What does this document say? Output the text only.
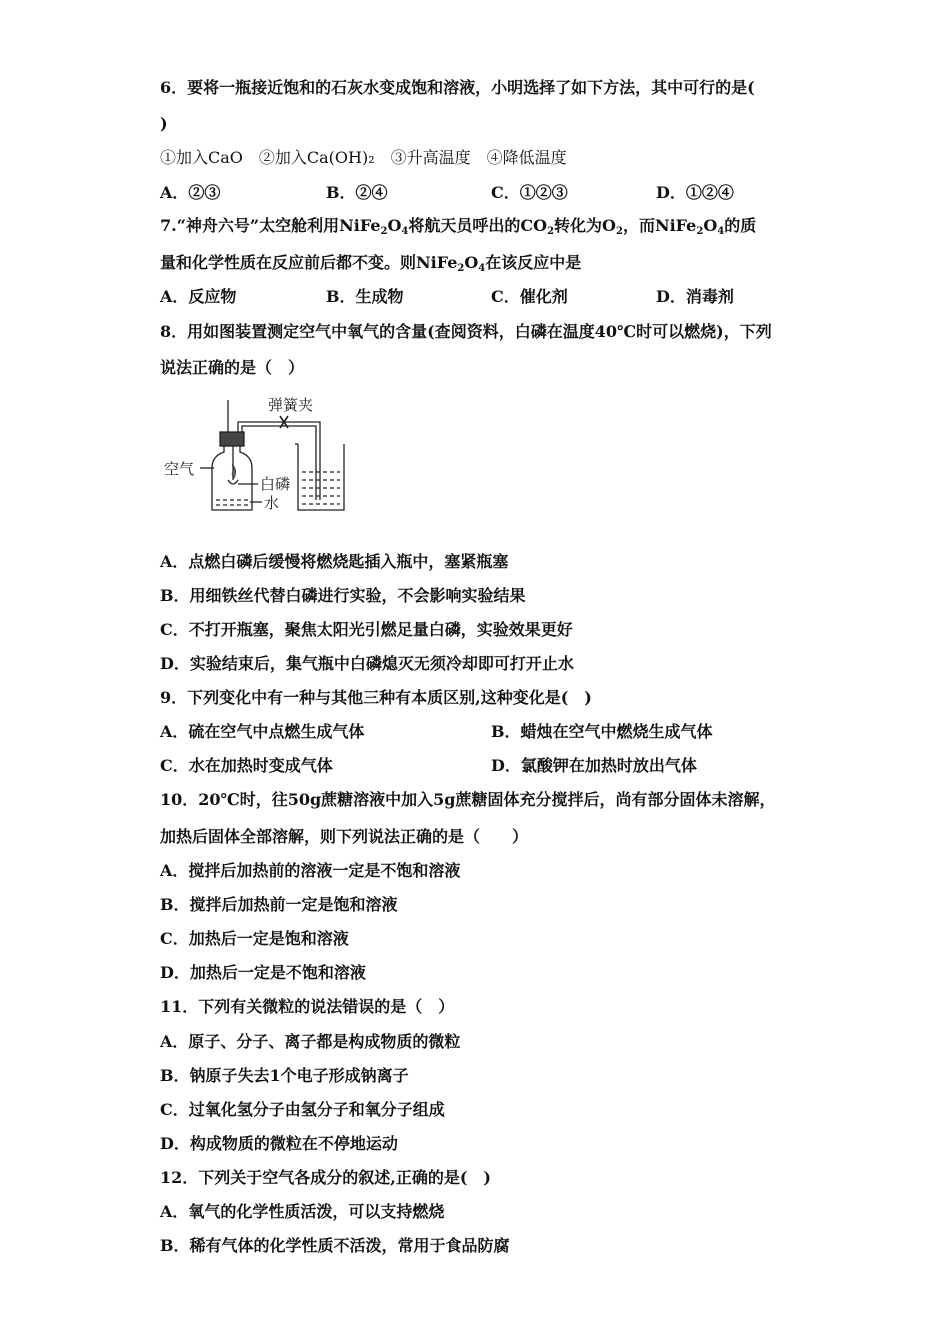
6．要将一瓶接近饱和的石灰水变成饱和溶液，小明选择了如下方法，其中可行的是(
)
①加入CaO　②加入Ca(OH)₂　③升高温度　④降低温度
A．②③	B．②④	C．①②③	D．①②④
7.“神舟六号”太空舱利用$NiFe_2O_4$将航天员呼出的$CO_2$转化为$O_2$，而$NiFe_2O_4$的质
量和化学性质在反应前后都不变。则$NiFe_2O_4$在该反应中是
A．反应物	B．生成物	C．催化剂	D．消毒剂
8．用如图装置测定空气中氧气的含量(查阅资料，白磷在温度40℃时可以燃烧)，下列
说法正确的是（　）
弹簧夹
空气
白磷
水
A．点燃白磷后缓慢将燃烧匙插入瓶中，塞紧瓶塞
B．用细铁丝代替白磷进行实验，不会影响实验结果
C．不打开瓶塞，聚焦太阳光引燃足量白磷，实验效果更好
D．实验结束后，集气瓶中白磷熄灭无须冷却即可打开止水
9．下列变化中有一种与其他三种有本质区别,这种变化是(　)
A．硫在空气中点燃生成气体	B．蜡烛在空气中燃烧生成气体
C．水在加热时变成气体	D．氯酸钾在加热时放出气体
10．20℃时，往50g蔗糖溶液中加入5g蔗糖固体充分搅拌后，尚有部分固体未溶解，
加热后固体全部溶解，则下列说法正确的是（　　）
A．搅拌后加热前的溶液一定是不饱和溶液
B．搅拌后加热前一定是饱和溶液
C．加热后一定是饱和溶液
D．加热后一定是不饱和溶液
11．下列有关微粒的说法错误的是（　）
A．原子、分子、离子都是构成物质的微粒
B．钠原子失去1个电子形成钠离子
C．过氧化氢分子由氢分子和氧分子组成
D．构成物质的微粒在不停地运动
12．下列关于空气各成分的叙述,正确的是(　)
A．氧气的化学性质活泼，可以支持燃烧
B．稀有气体的化学性质不活泼，常用于食品防腐
